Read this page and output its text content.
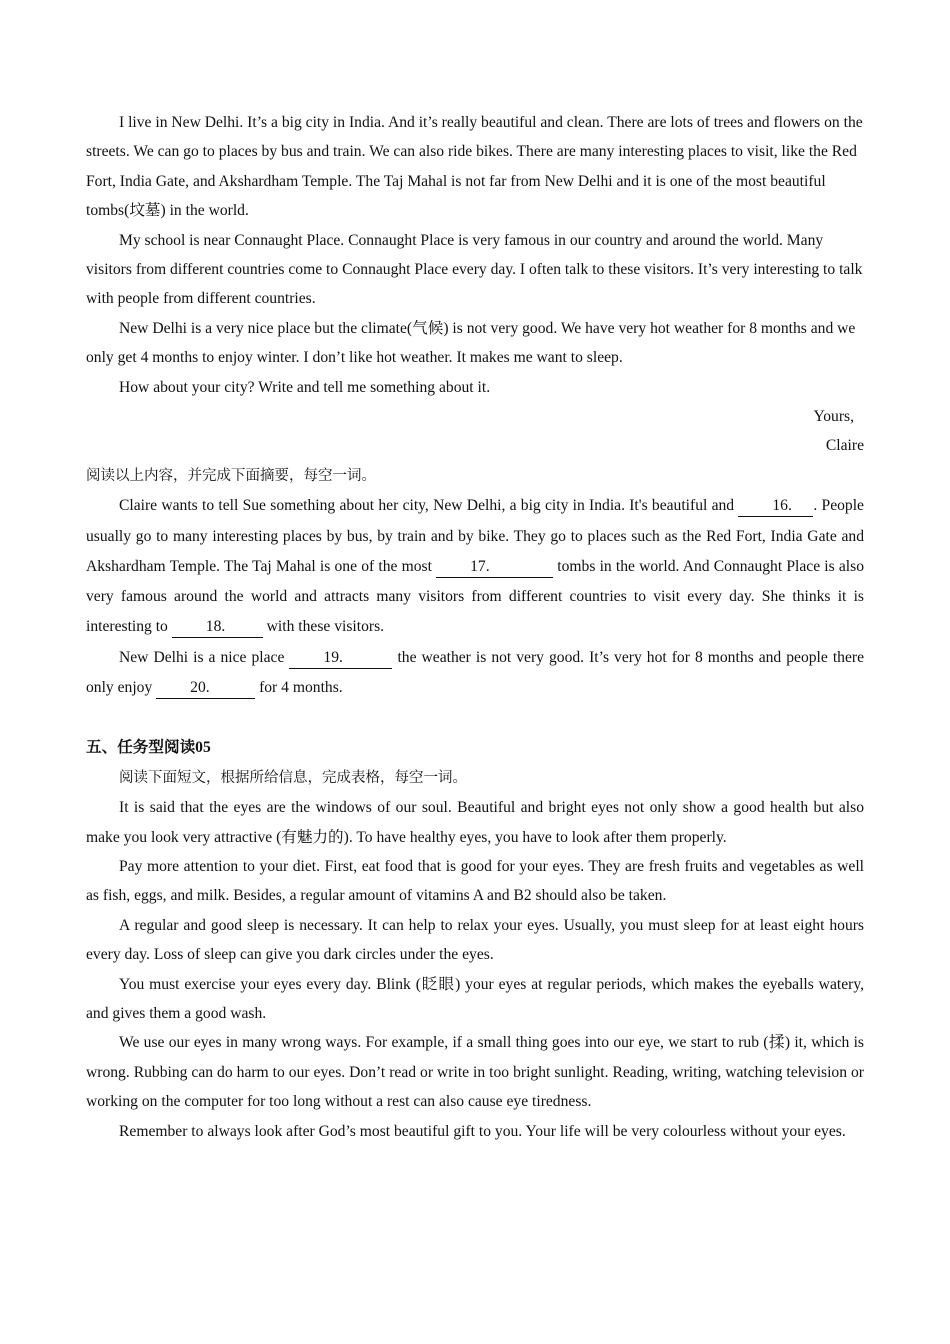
I live in New Delhi. It’s a big city in India. And it’s really beautiful and clean. There are lots of trees and flowers on the streets. We can go to places by bus and train. We can also ride bikes. There are many interesting places to visit, like the Red Fort, India Gate, and Akshardham Temple. The Taj Mahal is not far from New Delhi and it is one of the most beautiful tombs(坟墓) in the world.

My school is near Connaught Place. Connaught Place is very famous in our country and around the world. Many visitors from different countries come to Connaught Place every day. I often talk to these visitors. It’s very interesting to talk with people from different countries.

New Delhi is a very nice place but the climate(气候) is not very good. We have very hot weather for 8 months and we only get 4 months to enjoy winter. I don’t like hot weather. It makes me want to sleep.

How about your city? Write and tell me something about it.

Yours,

Claire

阅读以上内容，并完成下面摘要，每空一词。

Claire wants to tell Sue something about her city, New Delhi, a big city in India. It's beautiful and 16. . People usually go to many interesting places by bus, by train and by bike. They go to places such as the Red Fort, India Gate and Akshardham Temple. The Taj Mahal is one of the most 17.	tombs in the world. And Connaught Place is also very famous around the world and attracts many visitors from different countries to visit every day. She thinks it is interesting to 18. with these visitors.

New Delhi is a nice place 19.	the weather is not very good. It’s very hot for 8 months and people there only enjoy 20.	for 4 months.

五、任务型阅读05

阅读下面短文，根据所给信息，完成表格，每空一词。

It is said that the eyes are the windows of our soul. Beautiful and bright eyes not only show a good health but also make you look very attractive (有魅力的). To have healthy eyes, you have to look after them properly.

Pay more attention to your diet. First, eat food that is good for your eyes. They are fresh fruits and vegetables as well as fish, eggs, and milk. Besides, a regular amount of vitamins A and B2 should also be taken.

A regular and good sleep is necessary. It can help to relax your eyes. Usually, you must sleep for at least eight hours every day. Loss of sleep can give you dark circles under the eyes.

You must exercise your eyes every day. Blink (眨眼) your eyes at regular periods, which makes the eyeballs watery, and gives them a good wash.

We use our eyes in many wrong ways. For example, if a small thing goes into our eye, we start to rub (揉) it, which is wrong. Rubbing can do harm to our eyes. Don’t read or write in too bright sunlight. Reading, writing, watching television or working on the computer for too long without a rest can also cause eye tiredness.

Remember to always look after God’s most beautiful gift to you. Your life will be very colourless without your eyes.
